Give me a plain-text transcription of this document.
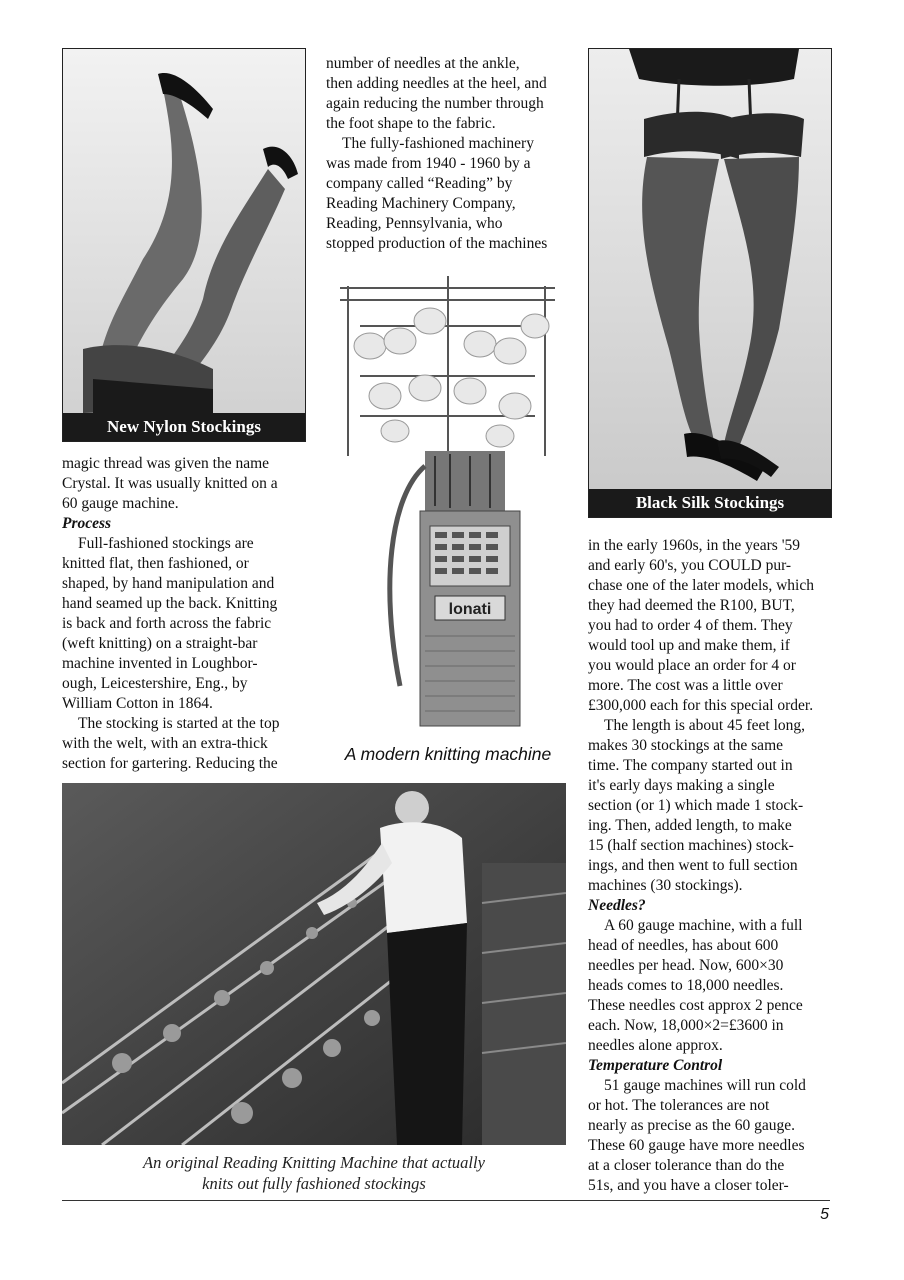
New Nylon Stockings
Black Silk Stockings
lonati
A modern knitting machine
An original Reading Knitting Machine that actually
knits out fully fashioned stockings

magic thread was given the name

Crystal. It was usually knitted on a

60 gauge machine.

Process

Full-fashioned stockings are

knitted flat, then fashioned, or

shaped, by hand manipulation and

hand seamed up the back. Knitting

is back and forth across the fabric

(weft knitting) on a straight-bar

machine invented in Loughbor-

ough, Leicestershire, Eng., by

William Cotton in 1864.

The stocking is started at the top

with the welt, with an extra-thick

section for gartering. Reducing the

number of needles at the ankle,

then adding needles at the heel, and

again reducing the number through

the foot shape to the fabric.

The fully-fashioned machinery

was made from 1940 - 1960 by a

company called “Reading” by

Reading Machinery Company,

Reading, Pennsylvania, who

stopped production of the machines

in the early 1960s, in the years '59

and early 60's, you COULD pur-

chase one of the later models, which

they had deemed the R100, BUT,

you had to order 4 of them. They

would tool up and make them, if

you would place an order for 4 or

more. The cost was a little over

£300,000 each for this special order.

The length is about 45 feet long,

makes 30 stockings at the same

time. The company started out in

it's early days making a single

section (or 1) which made 1 stock-

ing. Then, added length, to make

15 (half section machines) stock-

ings, and then went to full section

machines (30 stockings).

Needles?

A 60 gauge machine, with a full

head of needles, has about 600

needles per head. Now, 600×30

heads comes to 18,000 needles.

These needles cost approx 2 pence

each. Now, 18,000×2=£3600 in

needles alone approx.

Temperature Control

51 gauge machines will run cold

or hot. The tolerances are not

nearly as precise as the 60 gauge.

These 60 gauge have more needles

at a closer tolerance than do the

51s, and you have a closer toler-

5
